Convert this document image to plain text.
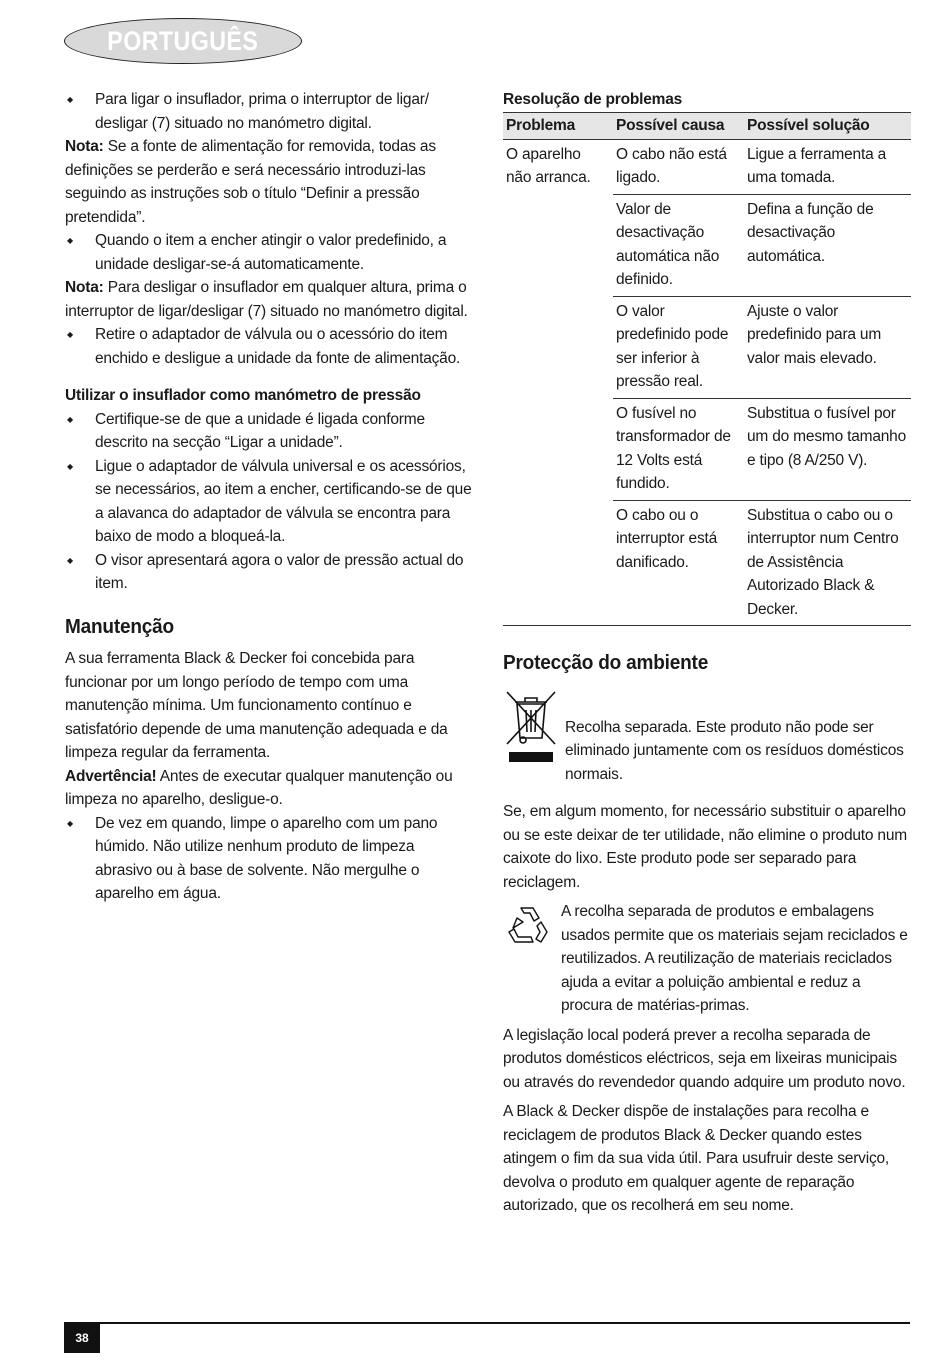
PORTUGUÊS

◆ Para ligar o insuflador, prima o interruptor de ligar/ desligar (7) situado no manómetro digital.

Nota: Se a fonte de alimentação for removida, todas as definições se perderão e será necessário introduzi-las seguindo as instruções sob o título “Definir a pressão pretendida”.

◆ Quando o item a encher atingir o valor predefinido, a unidade desligar-se-á automaticamente.

Nota: Para desligar o insuflador em qualquer altura, prima o interruptor de ligar/desligar (7) situado no manómetro digital.

◆ Retire o adaptador de válvula ou o acessório do item enchido e desligue a unidade da fonte de alimentação.

Utilizar o insuflador como manómetro de pressão

◆ Certifique-se de que a unidade é ligada conforme descrito na secção “Ligar a unidade”.

◆ Ligue o adaptador de válvula universal e os acessórios, se necessários, ao item a encher, certificando-se de que a alavanca do adaptador de válvula se encontra para baixo de modo a bloqueá-la.

◆ O visor apresentará agora o valor de pressão actual do item.

Manutenção

A sua ferramenta Black & Decker foi concebida para funcionar por um longo período de tempo com uma manutenção mínima. Um funcionamento contínuo e satisfatório depende de uma manutenção adequada e da limpeza regular da ferramenta.

Advertência! Antes de executar qualquer manutenção ou limpeza no aparelho, desligue-o.

◆ De vez em quando, limpe o aparelho com um pano húmido. Não utilize nenhum produto de limpeza abrasivo ou à base de solvente. Não mergulhe o aparelho em água.

Resolução de problemas

Problema	Possível causa	Possível solução
O aparelho não arranca.	O cabo não está ligado.	Ligue a ferramenta a uma tomada.
	Valor de desactivação automática não definido.	Defina a função de desactivação automática.
	O valor predefinido pode ser inferior à pressão real.	Ajuste o valor predefinido para um valor mais elevado.
	O fusível no transformador de 12 Volts está fundido.	Substitua o fusível por um do mesmo tamanho e tipo (8 A/250 V).
	O cabo ou o interruptor está danificado.	Substitua o cabo ou o interruptor num Centro de Assistência Autorizado Black & Decker.

Protecção do ambiente

Recolha separada. Este produto não pode ser eliminado juntamente com os resíduos domésticos normais.

Se, em algum momento, for necessário substituir o aparelho ou se este deixar de ter utilidade, não elimine o produto num caixote do lixo. Este produto pode ser separado para reciclagem.

A recolha separada de produtos e embalagens usados permite que os materiais sejam reciclados e reutilizados. A reutilização de materiais reciclados ajuda a evitar a poluição ambiental e reduz a procura de matérias-primas.

A legislação local poderá prever a recolha separada de produtos domésticos eléctricos, seja em lixeiras municipais ou através do revendedor quando adquire um produto novo.

A Black & Decker dispõe de instalações para recolha e reciclagem de produtos Black & Decker quando estes atingem o fim da sua vida útil. Para usufruir deste serviço, devolva o produto em qualquer agente de reparação autorizado, que os recolherá em seu nome.

38
